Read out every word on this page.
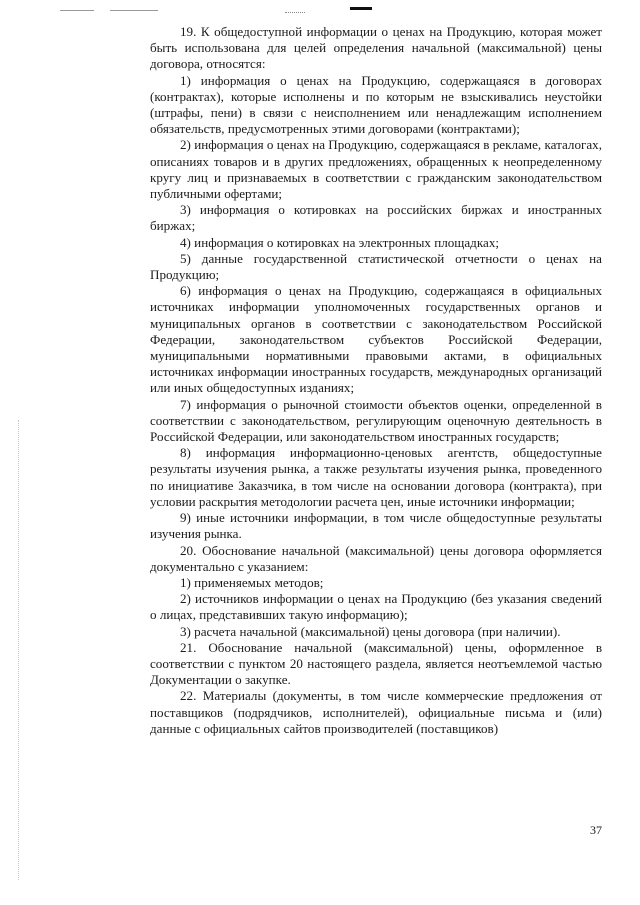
19. К общедоступной информации о ценах на Продукцию, которая может быть использована для целей определения начальной (максимальной) цены договора, относятся:

1) информация о ценах на Продукцию, содержащаяся в договорах (контрактах), которые исполнены и по которым не взыскивались неустойки (штрафы, пени) в связи с неисполнением или ненадлежащим исполнением обязательств, предусмотренных этими договорами (контрактами);

2) информация о ценах на Продукцию, содержащаяся в рекламе, каталогах, описаниях товаров и в других предложениях, обращенных к неопределенному кругу лиц и признаваемых в соответствии с гражданским законодательством публичными офертами;

3) информация о котировках на российских биржах и иностранных биржах;

4) информация о котировках на электронных площадках;

5) данные государственной статистической отчетности о ценах на Продукцию;

6) информация о ценах на Продукцию, содержащаяся в официальных источниках информации уполномоченных государственных органов и муниципальных органов в соответствии с законодательством Российской Федерации, законодательством субъектов Российской Федерации, муниципальными нормативными правовыми актами, в официальных источниках информации иностранных государств, международных организаций или иных общедоступных изданиях;

7) информация о рыночной стоимости объектов оценки, определенной в соответствии с законодательством, регулирующим оценочную деятельность в Российской Федерации, или законодательством иностранных государств;

8) информация информационно-ценовых агентств, общедоступные результаты изучения рынка, а также результаты изучения рынка, проведенного по инициативе Заказчика, в том числе на основании договора (контракта), при условии раскрытия методологии расчета цен, иные источники информации;

9) иные источники информации, в том числе общедоступные результаты изучения рынка.

20. Обоснование начальной (максимальной) цены договора оформляется документально с указанием:

1) применяемых методов;

2) источников информации о ценах на Продукцию (без указания сведений о лицах, представивших такую информацию);

3) расчета начальной (максимальной) цены договора (при наличии).

21. Обоснование начальной (максимальной) цены, оформленное в соответствии с пунктом 20 настоящего раздела, является неотъемлемой частью Документации о закупке.

22. Материалы (документы, в том числе коммерческие предложения от поставщиков (подрядчиков, исполнителей), официальные письма и (или) данные с официальных сайтов производителей (поставщиков)

37
